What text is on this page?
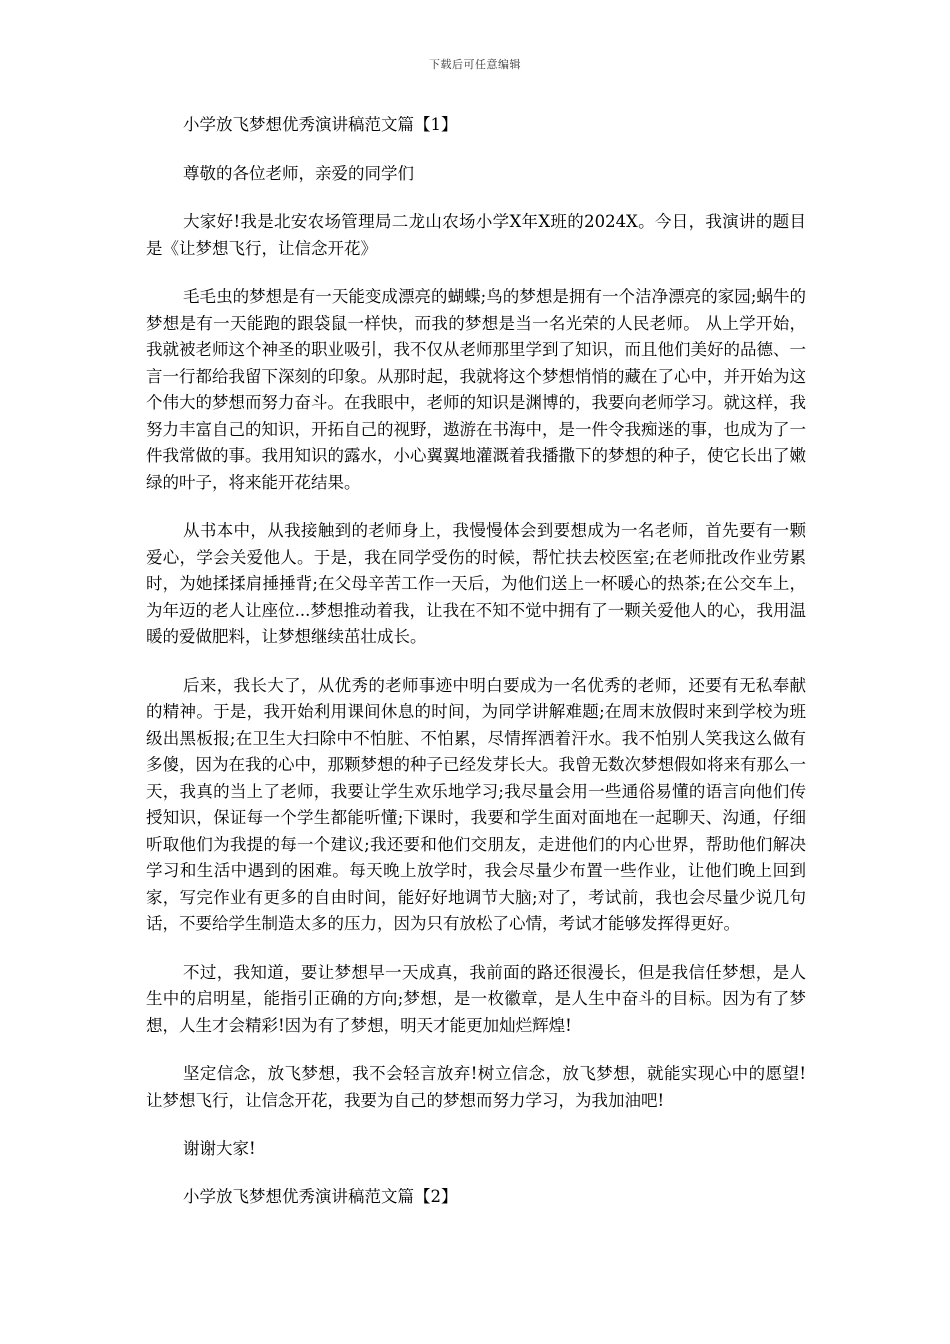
下载后可任意编辑

小学放飞梦想优秀演讲稿范文篇【1】

尊敬的各位老师，亲爱的同学们

大家好!我是北安农场管理局二龙山农场小学X年X班的2024X。今日，我演讲的题目是《让梦想飞行，让信念开花》

毛毛虫的梦想是有一天能变成漂亮的蝴蝶;鸟的梦想是拥有一个洁净漂亮的家园;蜗牛的梦想是有一天能跑的跟袋鼠一样快，而我的梦想是当一名光荣的人民老师。 从上学开始，我就被老师这个神圣的职业吸引，我不仅从老师那里学到了知识，而且他们美好的品德、一言一行都给我留下深刻的印象。从那时起，我就将这个梦想悄悄的藏在了心中，并开始为这个伟大的梦想而努力奋斗。在我眼中，老师的知识是渊博的，我要向老师学习。就这样，我努力丰富自己的知识，开拓自己的视野，遨游在书海中，是一件令我痴迷的事，也成为了一件我常做的事。我用知识的露水，小心翼翼地灌溉着我播撒下的梦想的种子，使它长出了嫩绿的叶子，将来能开花结果。

从书本中，从我接触到的老师身上，我慢慢体会到要想成为一名老师，首先要有一颗爱心，学会关爱他人。于是，我在同学受伤的时候，帮忙扶去校医室;在老师批改作业劳累时，为她揉揉肩捶捶背;在父母辛苦工作一天后，为他们送上一杯暖心的热茶;在公交车上，为年迈的老人让座位...梦想推动着我，让我在不知不觉中拥有了一颗关爱他人的心，我用温暖的爱做肥料，让梦想继续茁壮成长。

后来，我长大了，从优秀的老师事迹中明白要成为一名优秀的老师，还要有无私奉献的精神。于是，我开始利用课间休息的时间，为同学讲解难题;在周末放假时来到学校为班级出黑板报;在卫生大扫除中不怕脏、不怕累，尽情挥洒着汗水。我不怕别人笑我这么做有多傻，因为在我的心中，那颗梦想的种子已经发芽长大。我曾无数次梦想假如将来有那么一天，我真的当上了老师，我要让学生欢乐地学习;我尽量会用一些通俗易懂的语言向他们传授知识，保证每一个学生都能听懂;下课时，我要和学生面对面地在一起聊天、沟通，仔细听取他们为我提的每一个建议;我还要和他们交朋友，走进他们的内心世界，帮助他们解决学习和生活中遇到的困难。每天晚上放学时，我会尽量少布置一些作业，让他们晚上回到家，写完作业有更多的自由时间，能好好地调节大脑;对了，考试前，我也会尽量少说几句话，不要给学生制造太多的压力，因为只有放松了心情，考试才能够发挥得更好。

不过，我知道，要让梦想早一天成真，我前面的路还很漫长，但是我信任梦想，是人生中的启明星，能指引正确的方向;梦想，是一枚徽章，是人生中奋斗的目标。因为有了梦想，人生才会精彩!因为有了梦想，明天才能更加灿烂辉煌!

坚定信念，放飞梦想，我不会轻言放弃!树立信念，放飞梦想，就能实现心中的愿望!让梦想飞行，让信念开花，我要为自己的梦想而努力学习，为我加油吧!

谢谢大家!

小学放飞梦想优秀演讲稿范文篇【2】
